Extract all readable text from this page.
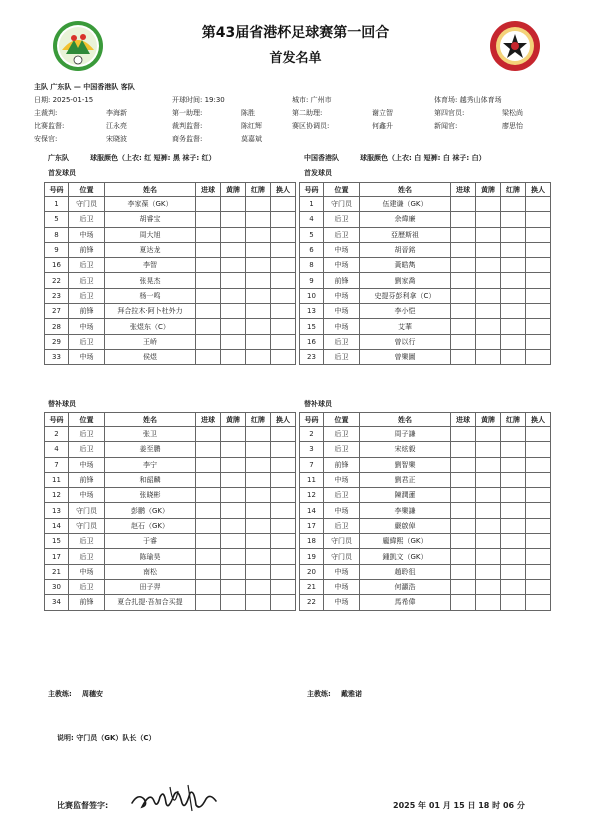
第43届省港杯足球赛第一回合
首发名单
主队 广东队 — 中国香港队 客队
日期: 2025-01-15	开球时间: 19:30	城市: 广州市	体育场: 越秀山体育场
主裁判:	李海新	第一助理:	陈胜	第二助理:	谢立智	第四官员:	梁松尚
比赛监督:	江永亮	裁判监督:	陈红辉	赛区协调员:	何鑫升	新闻官:	廖思怡
安保官:	宋晓波	商务监督:	莫嘉斌
广东队	球服颜色（上衣: 红 短裤: 黑 袜子: 红）	中国香港队	球服颜色（上衣: 白 短裤: 白 袜子: 白）
首发球员	首发球员
号码	位置	姓名	进球	黄牌	红牌	换人
1	守门员	李家葆（GK）				
5	后卫	胡睿宝				
8	中场	周大旭				
9	前锋	夏达龙				
16	后卫	李智				
22	后卫	张晃杰				
23	后卫	杨一鸣				
27	前锋	拜合拉木·阿卜杜外力				
28	中场	张煜东（C）				
29	后卫	王峤				
33	中场	侯煜				
号码	位置	姓名	进球	黄牌	红牌	换人
1	守门员	伍建谦（GK）				
4	后卫	余煒廉				
5	后卫	亞歷斯祖				
6	中场	胡晉銘				
8	中场	黃皓雋				
9	前锋	劉家喬				
10	中场	史提芬彭利拿（C）				
13	中场	李小恺				
15	中场	艾華				
16	后卫	曾以行				
23	后卫	曾樂圖				
替补球员	替补球员
号码	位置	姓名	进球	黄牌	红牌	换人
2	后卫	张卫				
4	后卫	姜至鹏				
7	中场	李宁				
11	前锋	和韶麟				
12	中场	张晓彬				
13	守门员	彭鹏（GK）				
14	守门员	赵石（GK）				
15	后卫	于睿				
17	后卫	陈瑜昊				
21	中场	南松				
30	后卫	田子羿				
34	前锋	夏合扎提·吾加合买提				
号码	位置	姓名	进球	黄牌	红牌	换人
2	后卫	周子謙				
3	后卫	宋炫毅				
7	前锋	劉智樂				
11	中场	劉君正				
12	后卫	陳潤蓮				
14	中场	李樂謙				
17	后卫	嚴啟倬				
18	守门员	龐緯熙（GK）				
19	守门员	鍾凱文（GK）				
20	中场	趙聆徂				
21	中场	何灝浩				
22	中场	馬希偉				
主教练: 周穗安	主教练: 戴雅诺
说明: 守门员（GK）队长（C）
比赛监督签字:	2025 年 01 月 15 日 18 时 06 分
